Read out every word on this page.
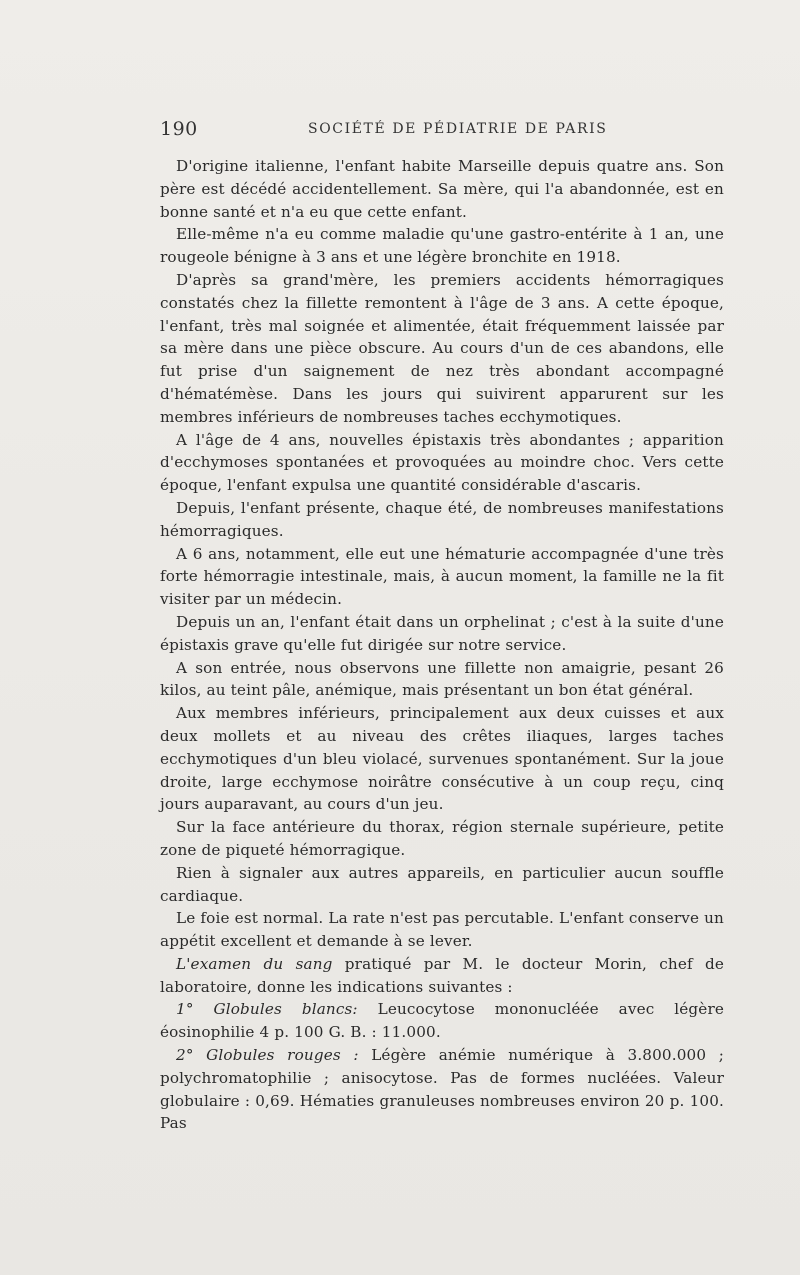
190	SOCIÉTÉ DE PÉDIATRIE DE PARIS

D'origine italienne, l'enfant habite Marseille depuis quatre ans. Son père est décédé accidentellement. Sa mère, qui l'a abandonnée, est en bonne santé et n'a eu que cette enfant.

Elle-même n'a eu comme maladie qu'une gastro-entérite à 1 an, une rougeole bénigne à 3 ans et une légère bronchite en 1918.

D'après sa grand'mère, les premiers accidents hémorragiques constatés chez la fillette remontent à l'âge de 3 ans. A cette époque, l'enfant, très mal soignée et alimentée, était fréquemment laissée par sa mère dans une pièce obscure. Au cours d'un de ces abandons, elle fut prise d'un saignement de nez très abondant accompagné d'hématémèse. Dans les jours qui suivirent apparurent sur les membres inférieurs de nombreuses taches ecchymotiques.

A l'âge de 4 ans, nouvelles épistaxis très abondantes ; apparition d'ecchymoses spontanées et provoquées au moindre choc. Vers cette époque, l'enfant expulsa une quantité considérable d'ascaris.

Depuis, l'enfant présente, chaque été, de nombreuses manifestations hémorragiques.

A 6 ans, notamment, elle eut une hématurie accompagnée d'une très forte hémorragie intestinale, mais, à aucun moment, la famille ne la fit visiter par un médecin.

Depuis un an, l'enfant était dans un orphelinat ; c'est à la suite d'une épistaxis grave qu'elle fut dirigée sur notre service.

A son entrée, nous observons une fillette non amaigrie, pesant 26 kilos, au teint pâle, anémique, mais présentant un bon état général.

Aux membres inférieurs, principalement aux deux cuisses et aux deux mollets et au niveau des crêtes iliaques, larges taches ecchymotiques d'un bleu violacé, survenues spontanément. Sur la joue droite, large ecchymose noirâtre consécutive à un coup reçu, cinq jours auparavant, au cours d'un jeu.

Sur la face antérieure du thorax, région sternale supérieure, petite zone de piqueté hémorragique.

Rien à signaler aux autres appareils, en particulier aucun souffle cardiaque.

Le foie est normal. La rate n'est pas percutable. L'enfant conserve un appétit excellent et demande à se lever.

L'examen du sang pratiqué par M. le docteur Morin, chef de laboratoire, donne les indications suivantes :

1° Globules blancs: Leucocytose mononucléée avec légère éosinophilie 4 p. 100 G. B. : 11.000.

2° Globules rouges : Légère anémie numérique à 3.800.000 ; polychromatophilie ; anisocytose. Pas de formes nucléées. Valeur globulaire : 0,69. Hématies granuleuses nombreuses environ 20 p. 100. Pas
